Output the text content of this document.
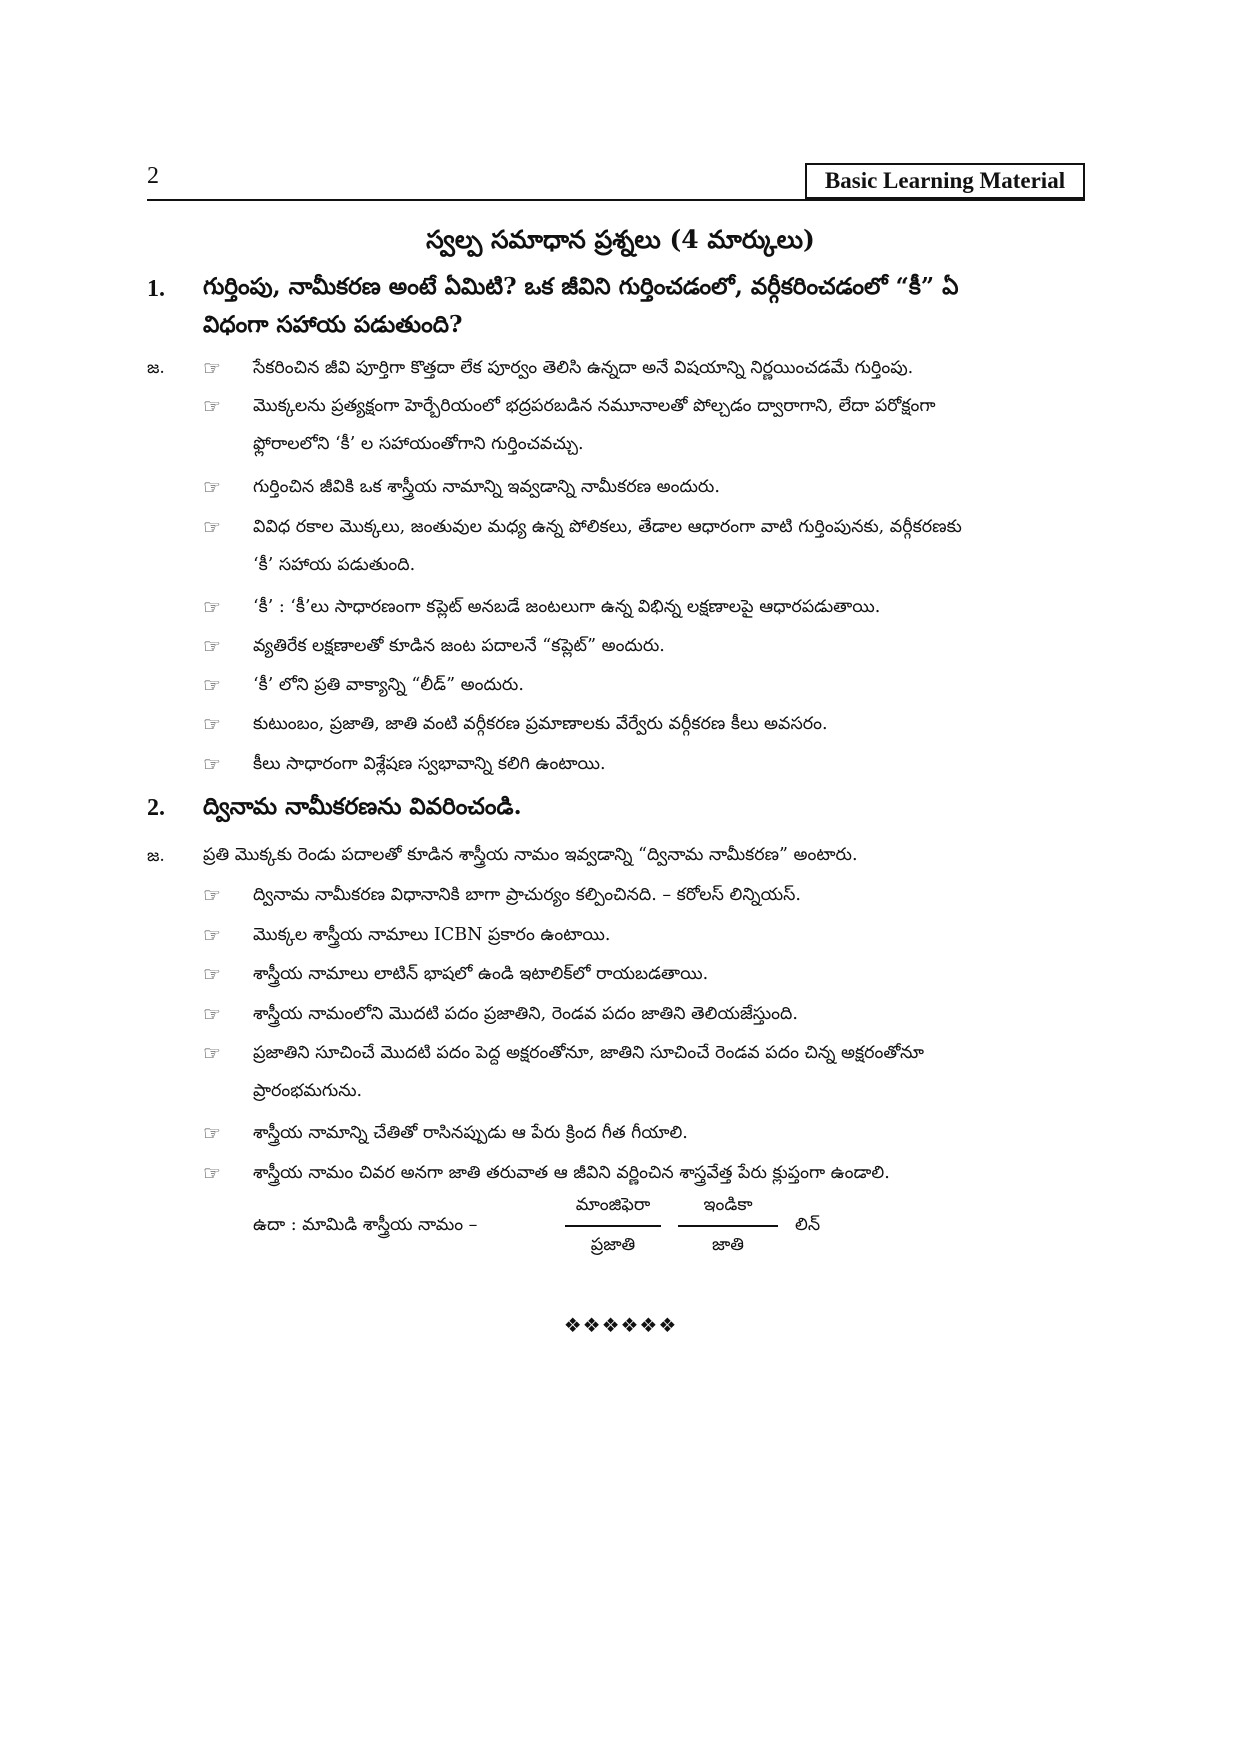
2	Basic Learning Material
స్వల్ప సమాధాన ప్రశ్నలు (4 మార్కులు)
1. గుర్తింపు, నామీకరణ అంటే ఏమిటి? ఒక జీవిని గుర్తించడంలో, వర్గీకరించడంలో “కీ” ఏ
విధంగా సహాయ పడుతుంది?
జ. ☞ సేకరించిన జీవి పూర్తిగా కొత్తదా లేక పూర్వం తెలిసి ఉన్నదా అనే విషయాన్ని నిర్ణయించడమే గుర్తింపు.
☞ మొక్కలను ప్రత్యక్షంగా హెర్బేరియంలో భద్రపరబడిన నమూనాలతో పోల్చడం ద్వారాగాని, లేదా పరోక్షంగా
ఫ్లోరాలలోని ‘కీ’ ల సహాయంతోగాని గుర్తించవచ్చు.
☞ గుర్తించిన జీవికి ఒక శాస్త్రీయ నామాన్ని ఇవ్వడాన్ని నామీకరణ అందురు.
☞ వివిధ రకాల మొక్కలు, జంతువుల మధ్య ఉన్న పోలికలు, తేడాల ఆధారంగా వాటి గుర్తింపునకు, వర్గీకరణకు
‘కీ’ సహాయ పడుతుంది.
☞ ‘కీ’ : ‘కీ’లు సాధారణంగా కప్లెట్ అనబడే జంటలుగా ఉన్న విభిన్న లక్షణాలపై ఆధారపడుతాయి.
☞ వ్యతిరేక లక్షణాలతో కూడిన జంట పదాలనే “కప్లెట్” అందురు.
☞ ‘కీ’ లోని ప్రతి వాక్యాన్ని “లీడ్” అందురు.
☞ కుటుంబం, ప్రజాతి, జాతి వంటి వర్గీకరణ ప్రమాణాలకు వేర్వేరు వర్గీకరణ కీలు అవసరం.
☞ కీలు సాధారంగా విశ్లేషణ స్వభావాన్ని కలిగి ఉంటాయి.
2. ద్వినామ నామీకరణను వివరించండి.
జ. ప్రతి మొక్కకు రెండు పదాలతో కూడిన శాస్త్రీయ నామం ఇవ్వడాన్ని “ద్వినామ నామీకరణ” అంటారు.
☞ ద్వినామ నామీకరణ విధానానికి బాగా ప్రాచుర్యం కల్పించినది. – కరోలస్ లిన్నియస్.
☞ మొక్కల శాస్త్రీయ నామాలు ICBN ప్రకారం ఉంటాయి.
☞ శాస్త్రీయ నామాలు లాటిన్ భాషలో ఉండి ఇటాలిక్‌లో రాయబడతాయి.
☞ శాస్త్రీయ నామంలోని మొదటి పదం ప్రజాతిని, రెండవ పదం జాతిని తెలియజేస్తుంది.
☞ ప్రజాతిని సూచించే మొదటి పదం పెద్ద అక్షరంతోనూ, జాతిని సూచించే రెండవ పదం చిన్న అక్షరంతోనూ
ప్రారంభమగును.
☞ శాస్త్రీయ నామాన్ని చేతితో రాసినప్పుడు ఆ పేరు క్రింద గీత గీయాలి.
☞ శాస్త్రీయ నామం చివర అనగా జాతి తరువాత ఆ జీవిని వర్ణించిన శాస్త్రవేత్త పేరు క్లుప్తంగా ఉండాలి.
ఉదా : మామిడి శాస్త్రీయ నామం –
మాంజిఫెరా
ప్రజాతి
ఇండికా
జాతి
లిన్
❖❖❖❖❖❖
